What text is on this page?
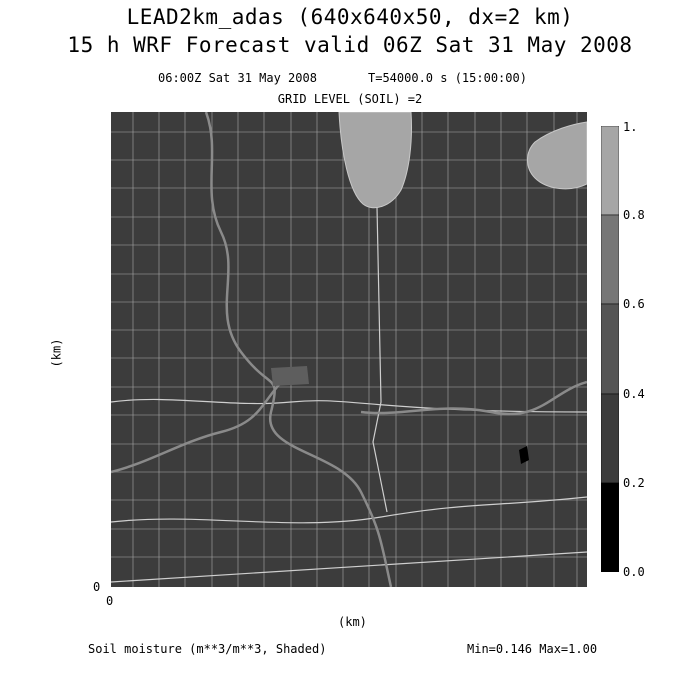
LEAD2km_adas (640x640x50, dx=2 km)
15 h WRF Forecast valid 06Z Sat 31 May 2008
06:00Z Sat 31 May 2008	T=54000.0 s (15:00:00)
GRID LEVEL (SOIL) =2
1.
0.8
0.6
0.4
0.2
0.0
(km)
(km)
0
0
Soil moisture (m**3/m**3, Shaded)	Min=0.146 Max=1.00
